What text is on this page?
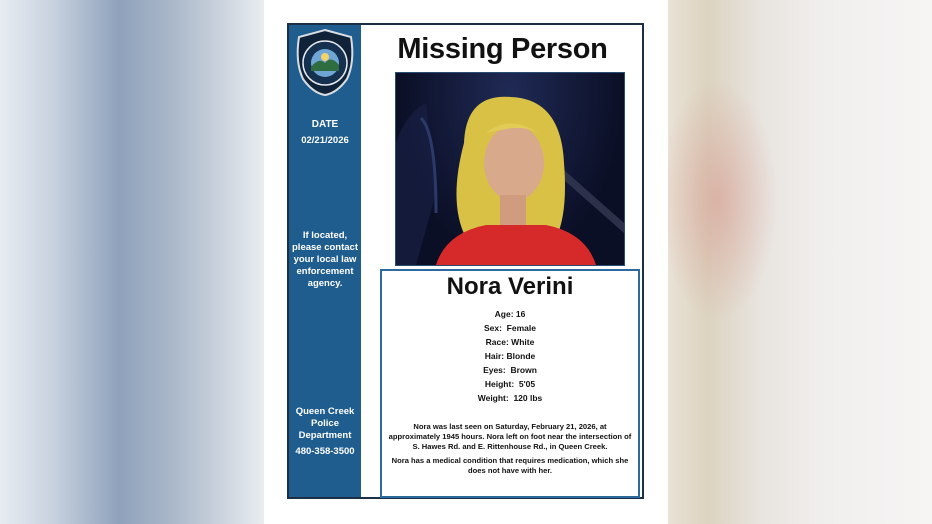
DATE
02/21/2026
If located, please contact your local law enforcement agency.
Queen Creek Police Department
480-358-3500
Missing Person
Nora Verini
Age: 16
Sex:  Female
Race: White
Hair: Blonde
Eyes:  Brown
Height:  5'05
Weight:  120 lbs
Nora was last seen on Saturday, February 21, 2026, at approximately 1945 hours. Nora left on foot near the intersection of S. Hawes Rd. and E. Rittenhouse Rd., in Queen Creek.
Nora has a medical condition that requires medication, which she does not have with her.
